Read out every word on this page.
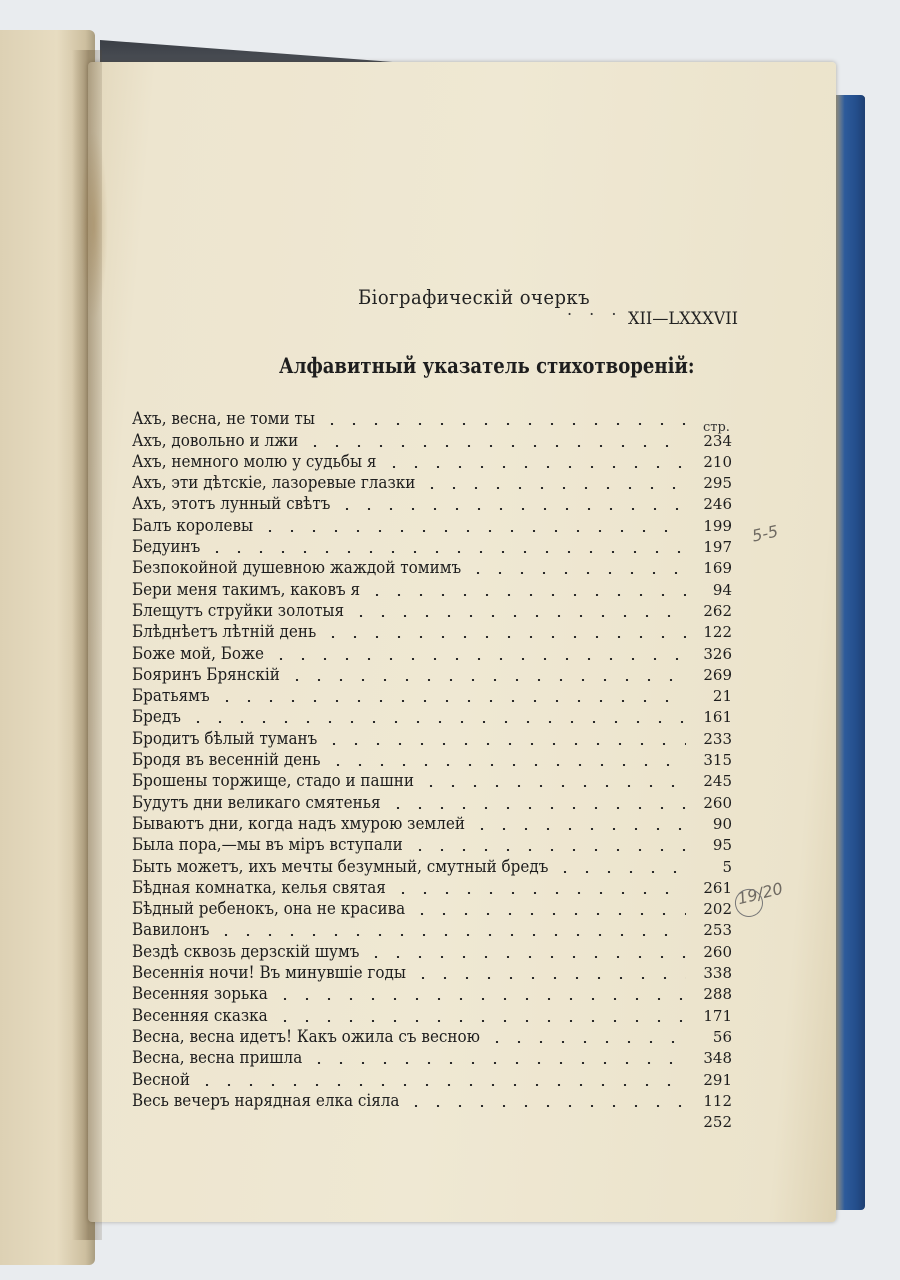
Біографическій очеркъ
. . . XII—LXXXVII
Алфавитный указатель стихотвореній:
Ахъ, весна, не томи ты
Ахъ, довольно и лжи	234
Ахъ, немного молю у судьбы я	210
Ахъ, эти дѣтскіе, лазоревые глазки	295
Ахъ, этотъ лунный свѣтъ	246
Балъ королевы	199
Бедуинъ	197
Безпокойной душевною жаждой томимъ	169
Бери меня такимъ, каковъ я	94
Блещутъ струйки золотыя	262
Блѣднѣетъ лѣтній день	122
Боже мой, Боже	326
Бояринъ Брянскій	269
Братьямъ	21
Бредъ	161
Бродитъ бѣлый туманъ	233
Бродя въ весенній день	315
Брошены торжище, стадо и пашни	245
Будутъ дни великаго смятенья	260
Бываютъ дни, когда надъ хмурою землей	90
Была пора,—мы въ міръ вступали	95
Быть можетъ, ихъ мечты безумный, смутный бредъ	5
Бѣдная комнатка, келья святая	261
Бѣдный ребенокъ, она не красива	202
Вавилонъ	253
Вездѣ сквозь дерзскій шумъ	260
Весеннія ночи! Въ минувшіе годы	338
Весенняя зорька	288
Весенняя сказка	171
Весна, весна идетъ! Какъ ожила съ весною	56
Весна, весна пришла	348
Весной	291
Весь вечеръ нарядная елка сіяла	112
252
стр.
5-5
19/20
